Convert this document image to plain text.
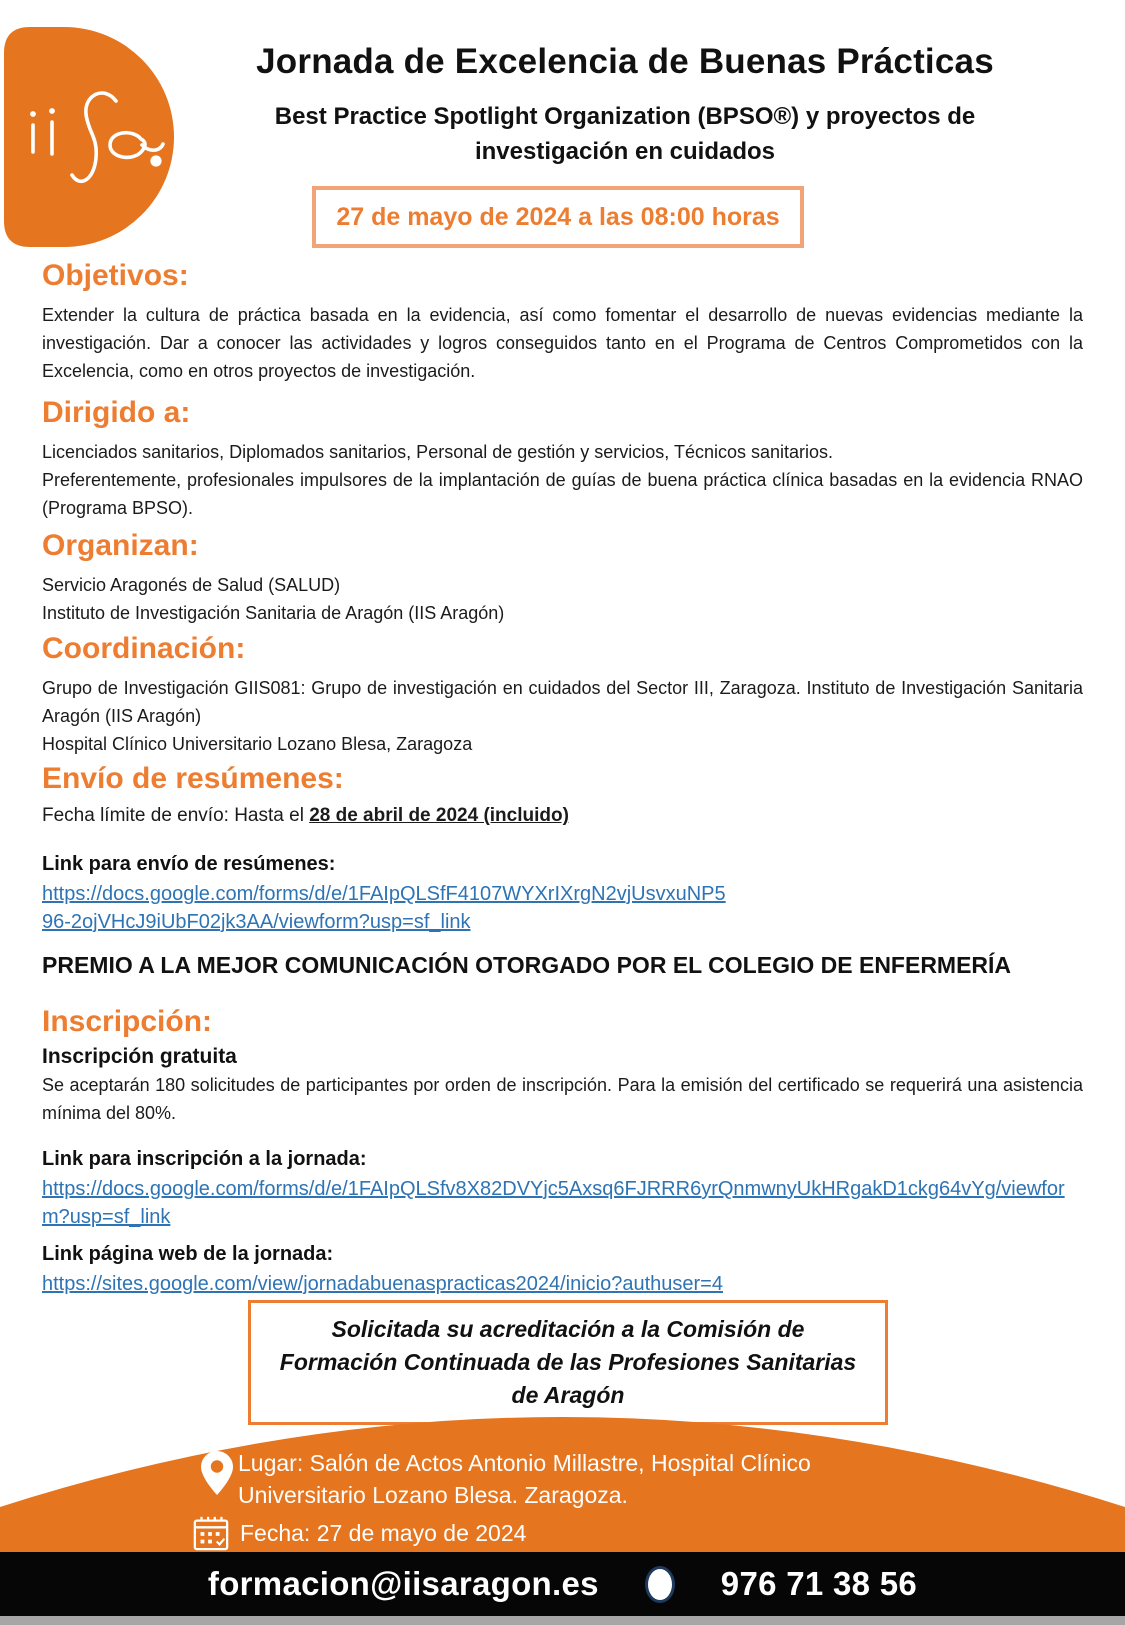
Jornada de Excelencia de Buenas Prácticas
Best Practice Spotlight Organization (BPSO®) y proyectos de
investigación en cuidados
27 de mayo de 2024 a las 08:00 horas
Objetivos:

Extender la cultura de práctica basada en la evidencia, así como fomentar el desarrollo de nuevas evidencias mediante la investigación. Dar a conocer las actividades y logros conseguidos tanto en el Programa de Centros Comprometidos con la Excelencia, como en otros proyectos de investigación.

Dirigido a:

Licenciados sanitarios, Diplomados sanitarios, Personal de gestión y servicios, Técnicos sanitarios.

Preferentemente, profesionales impulsores de la implantación de guías de buena práctica clínica basadas en la evidencia RNAO (Programa BPSO).

Organizan:

Servicio Aragonés de Salud (SALUD)

Instituto de Investigación Sanitaria de Aragón (IIS Aragón)

Coordinación:

Grupo de Investigación GIIS081: Grupo de investigación en cuidados del Sector III, Zaragoza. Instituto de Investigación Sanitaria Aragón (IIS Aragón)

Hospital Clínico Universitario Lozano Blesa, Zaragoza

Envío de resúmenes:

Fecha límite de envío: Hasta el 28 de abril de 2024 (incluido)

Link para envío de resúmenes:

https://docs.google.com/forms/d/e/1FAIpQLSfF4107WYXrIXrgN2vjUsvxuNP596-2ojVHcJ9iUbF02jk3AA/viewform?usp=sf_link

PREMIO A LA MEJOR COMUNICACIÓN OTORGADO POR EL COLEGIO DE ENFERMERÍA

Inscripción:

Inscripción gratuita

Se aceptarán 180 solicitudes de participantes por orden de inscripción. Para la emisión del certificado se requerirá una asistencia mínima del 80%.

Link para inscripción a la jornada:

https://docs.google.com/forms/d/e/1FAIpQLSfv8X82DVYjc5Axsq6FJRRR6yrQnmwnyUkHRgakD1ckg64vYg/viewform?usp=sf_link

Link página web de la jornada:

https://sites.google.com/view/jornadabuenaspracticas2024/inicio?authuser=4
Solicitada su acreditación a la Comisión de Formación Continuada de las Profesiones Sanitarias de Aragón
Lugar: Salón de Actos Antonio Millastre, Hospital Clínico Universitario Lozano Blesa. Zaragoza.
Fecha: 27 de mayo de 2024
formacion@iisaragon.es	976 71 38 56
